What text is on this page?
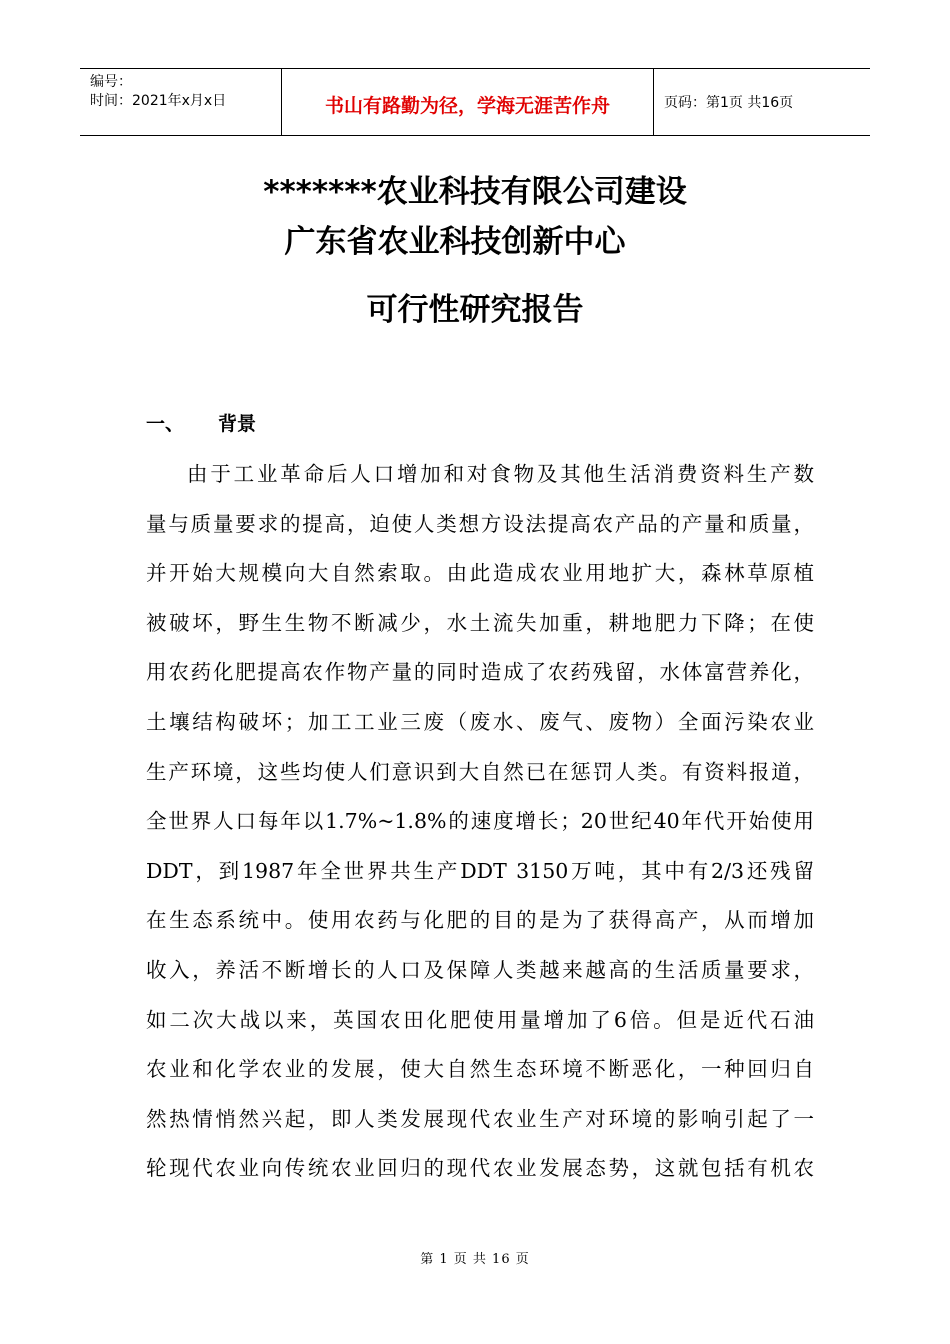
编号：
时间：2021年x月x日	书山有路勤为径，学海无涯苦作舟	页码：第1页 共16页
*******农业科技有限公司建设
广东省农业科技创新中心
可行性研究报告
一、 背景
由于工业革命后人口增加和对食物及其他生活消费资料生产数
量与质量要求的提高，迫使人类想方设法提高农产品的产量和质量，
并开始大规模向大自然索取。由此造成农业用地扩大，森林草原植
被破坏，野生生物不断减少，水土流失加重，耕地肥力下降；在使
用农药化肥提高农作物产量的同时造成了农药残留，水体富营养化，
土壤结构破坏；加工工业三废（废水、废气、废物）全面污染农业
生产环境，这些均使人们意识到大自然已在惩罚人类。有资料报道，
全世界人口每年以1.7%~1.8%的速度增长；20世纪40年代开始使用
DDT，到1987年全世界共生产DDT 3150万吨，其中有2/3还残留
在生态系统中。使用农药与化肥的目的是为了获得高产，从而增加
收入，养活不断增长的人口及保障人类越来越高的生活质量要求，
如二次大战以来，英国农田化肥使用量增加了6倍。但是近代石油
农业和化学农业的发展，使大自然生态环境不断恶化，一种回归自
然热情悄然兴起，即人类发展现代农业生产对环境的影响引起了一
轮现代农业向传统农业回归的现代农业发展态势，这就包括有机农
第 1 页 共 16 页
